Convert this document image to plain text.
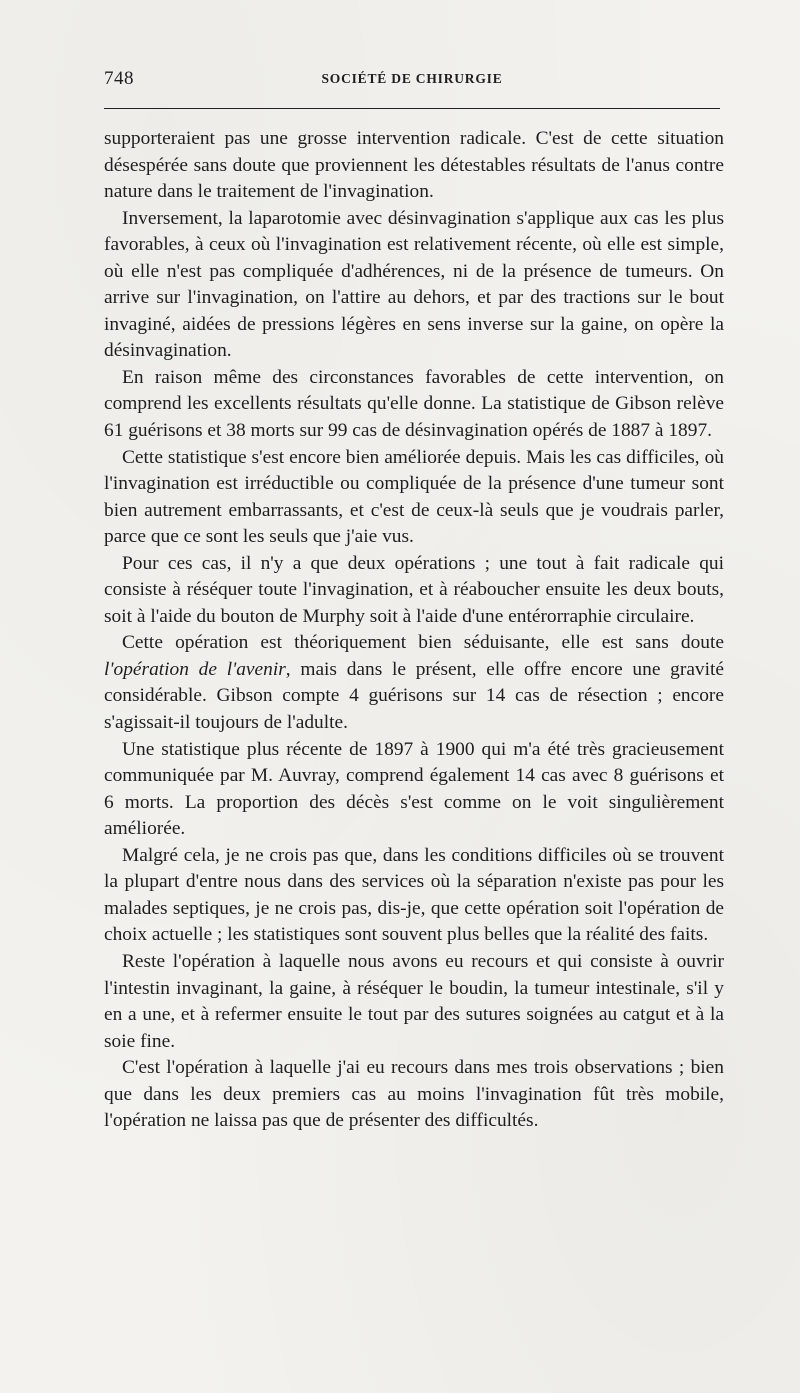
748	SOCIÉTÉ DE CHIRURGIE

supporteraient pas une grosse intervention radicale. C'est de cette situation désespérée sans doute que proviennent les détestables résultats de l'anus contre nature dans le traitement de l'invagination.

Inversement, la laparotomie avec désinvagination s'applique aux cas les plus favorables, à ceux où l'invagination est relativement récente, où elle est simple, où elle n'est pas compliquée d'adhérences, ni de la présence de tumeurs. On arrive sur l'invagination, on l'attire au dehors, et par des tractions sur le bout invaginé, aidées de pressions légères en sens inverse sur la gaine, on opère la désinvagination.

En raison même des circonstances favorables de cette intervention, on comprend les excellents résultats qu'elle donne. La statistique de Gibson relève 61 guérisons et 38 morts sur 99 cas de désinvagination opérés de 1887 à 1897.

Cette statistique s'est encore bien améliorée depuis. Mais les cas difficiles, où l'invagination est irréductible ou compliquée de la présence d'une tumeur sont bien autrement embarrassants, et c'est de ceux-là seuls que je voudrais parler, parce que ce sont les seuls que j'aie vus.

Pour ces cas, il n'y a que deux opérations ; une tout à fait radicale qui consiste à réséquer toute l'invagination, et à réaboucher ensuite les deux bouts, soit à l'aide du bouton de Murphy soit à l'aide d'une entérorraphie circulaire.

Cette opération est théoriquement bien séduisante, elle est sans doute l'opération de l'avenir, mais dans le présent, elle offre encore une gravité considérable. Gibson compte 4 guérisons sur 14 cas de résection ; encore s'agissait-il toujours de l'adulte.

Une statistique plus récente de 1897 à 1900 qui m'a été très gracieusement communiquée par M. Auvray, comprend également 14 cas avec 8 guérisons et 6 morts. La proportion des décès s'est comme on le voit singulièrement améliorée.

Malgré cela, je ne crois pas que, dans les conditions difficiles où se trouvent la plupart d'entre nous dans des services où la séparation n'existe pas pour les malades septiques, je ne crois pas, dis-je, que cette opération soit l'opération de choix actuelle ; les statistiques sont souvent plus belles que la réalité des faits.

Reste l'opération à laquelle nous avons eu recours et qui consiste à ouvrir l'intestin invaginant, la gaine, à réséquer le boudin, la tumeur intestinale, s'il y en a une, et à refermer ensuite le tout par des sutures soignées au catgut et à la soie fine.

C'est l'opération à laquelle j'ai eu recours dans mes trois observations ; bien que dans les deux premiers cas au moins l'invagination fût très mobile, l'opération ne laissa pas que de présenter des difficultés.
